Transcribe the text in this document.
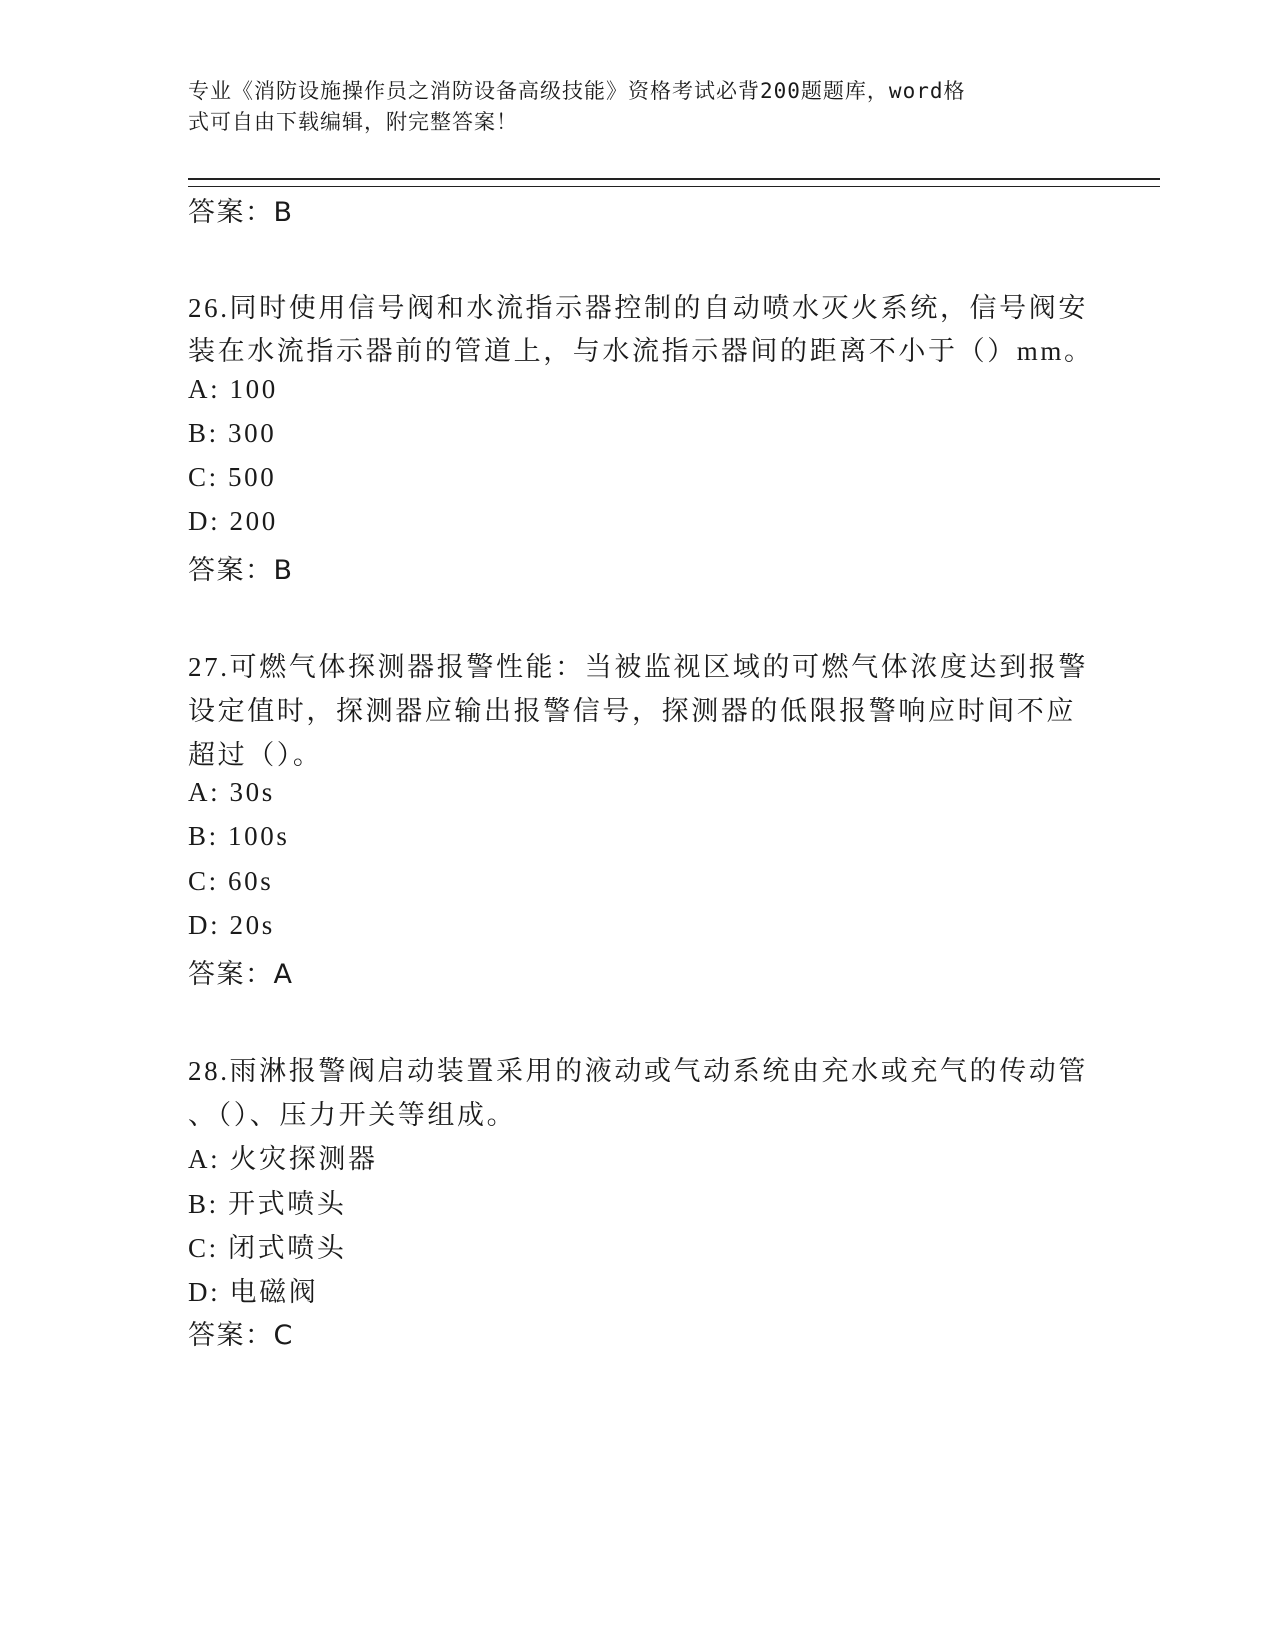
专业《消防设施操作员之消防设备高级技能》资格考试必背200题题库，word格
式可自由下载编辑，附完整答案！
答案：B
26.同时使用信号阀和水流指示器控制的自动喷水灭火系统，信号阀安
装在水流指示器前的管道上，与水流指示器间的距离不小于（）mm。
A: 100
B: 300
C: 500
D: 200
答案：B
27.可燃气体探测器报警性能：当被监视区域的可燃气体浓度达到报警
设定值时，探测器应输出报警信号，探测器的低限报警响应时间不应
超过（）。
A: 30s
B: 100s
C: 60s
D: 20s
答案：A
28.雨淋报警阀启动装置采用的液动或气动系统由充水或充气的传动管
、（）、压力开关等组成。
A: 火灾探测器
B: 开式喷头
C: 闭式喷头
D: 电磁阀
答案：C
